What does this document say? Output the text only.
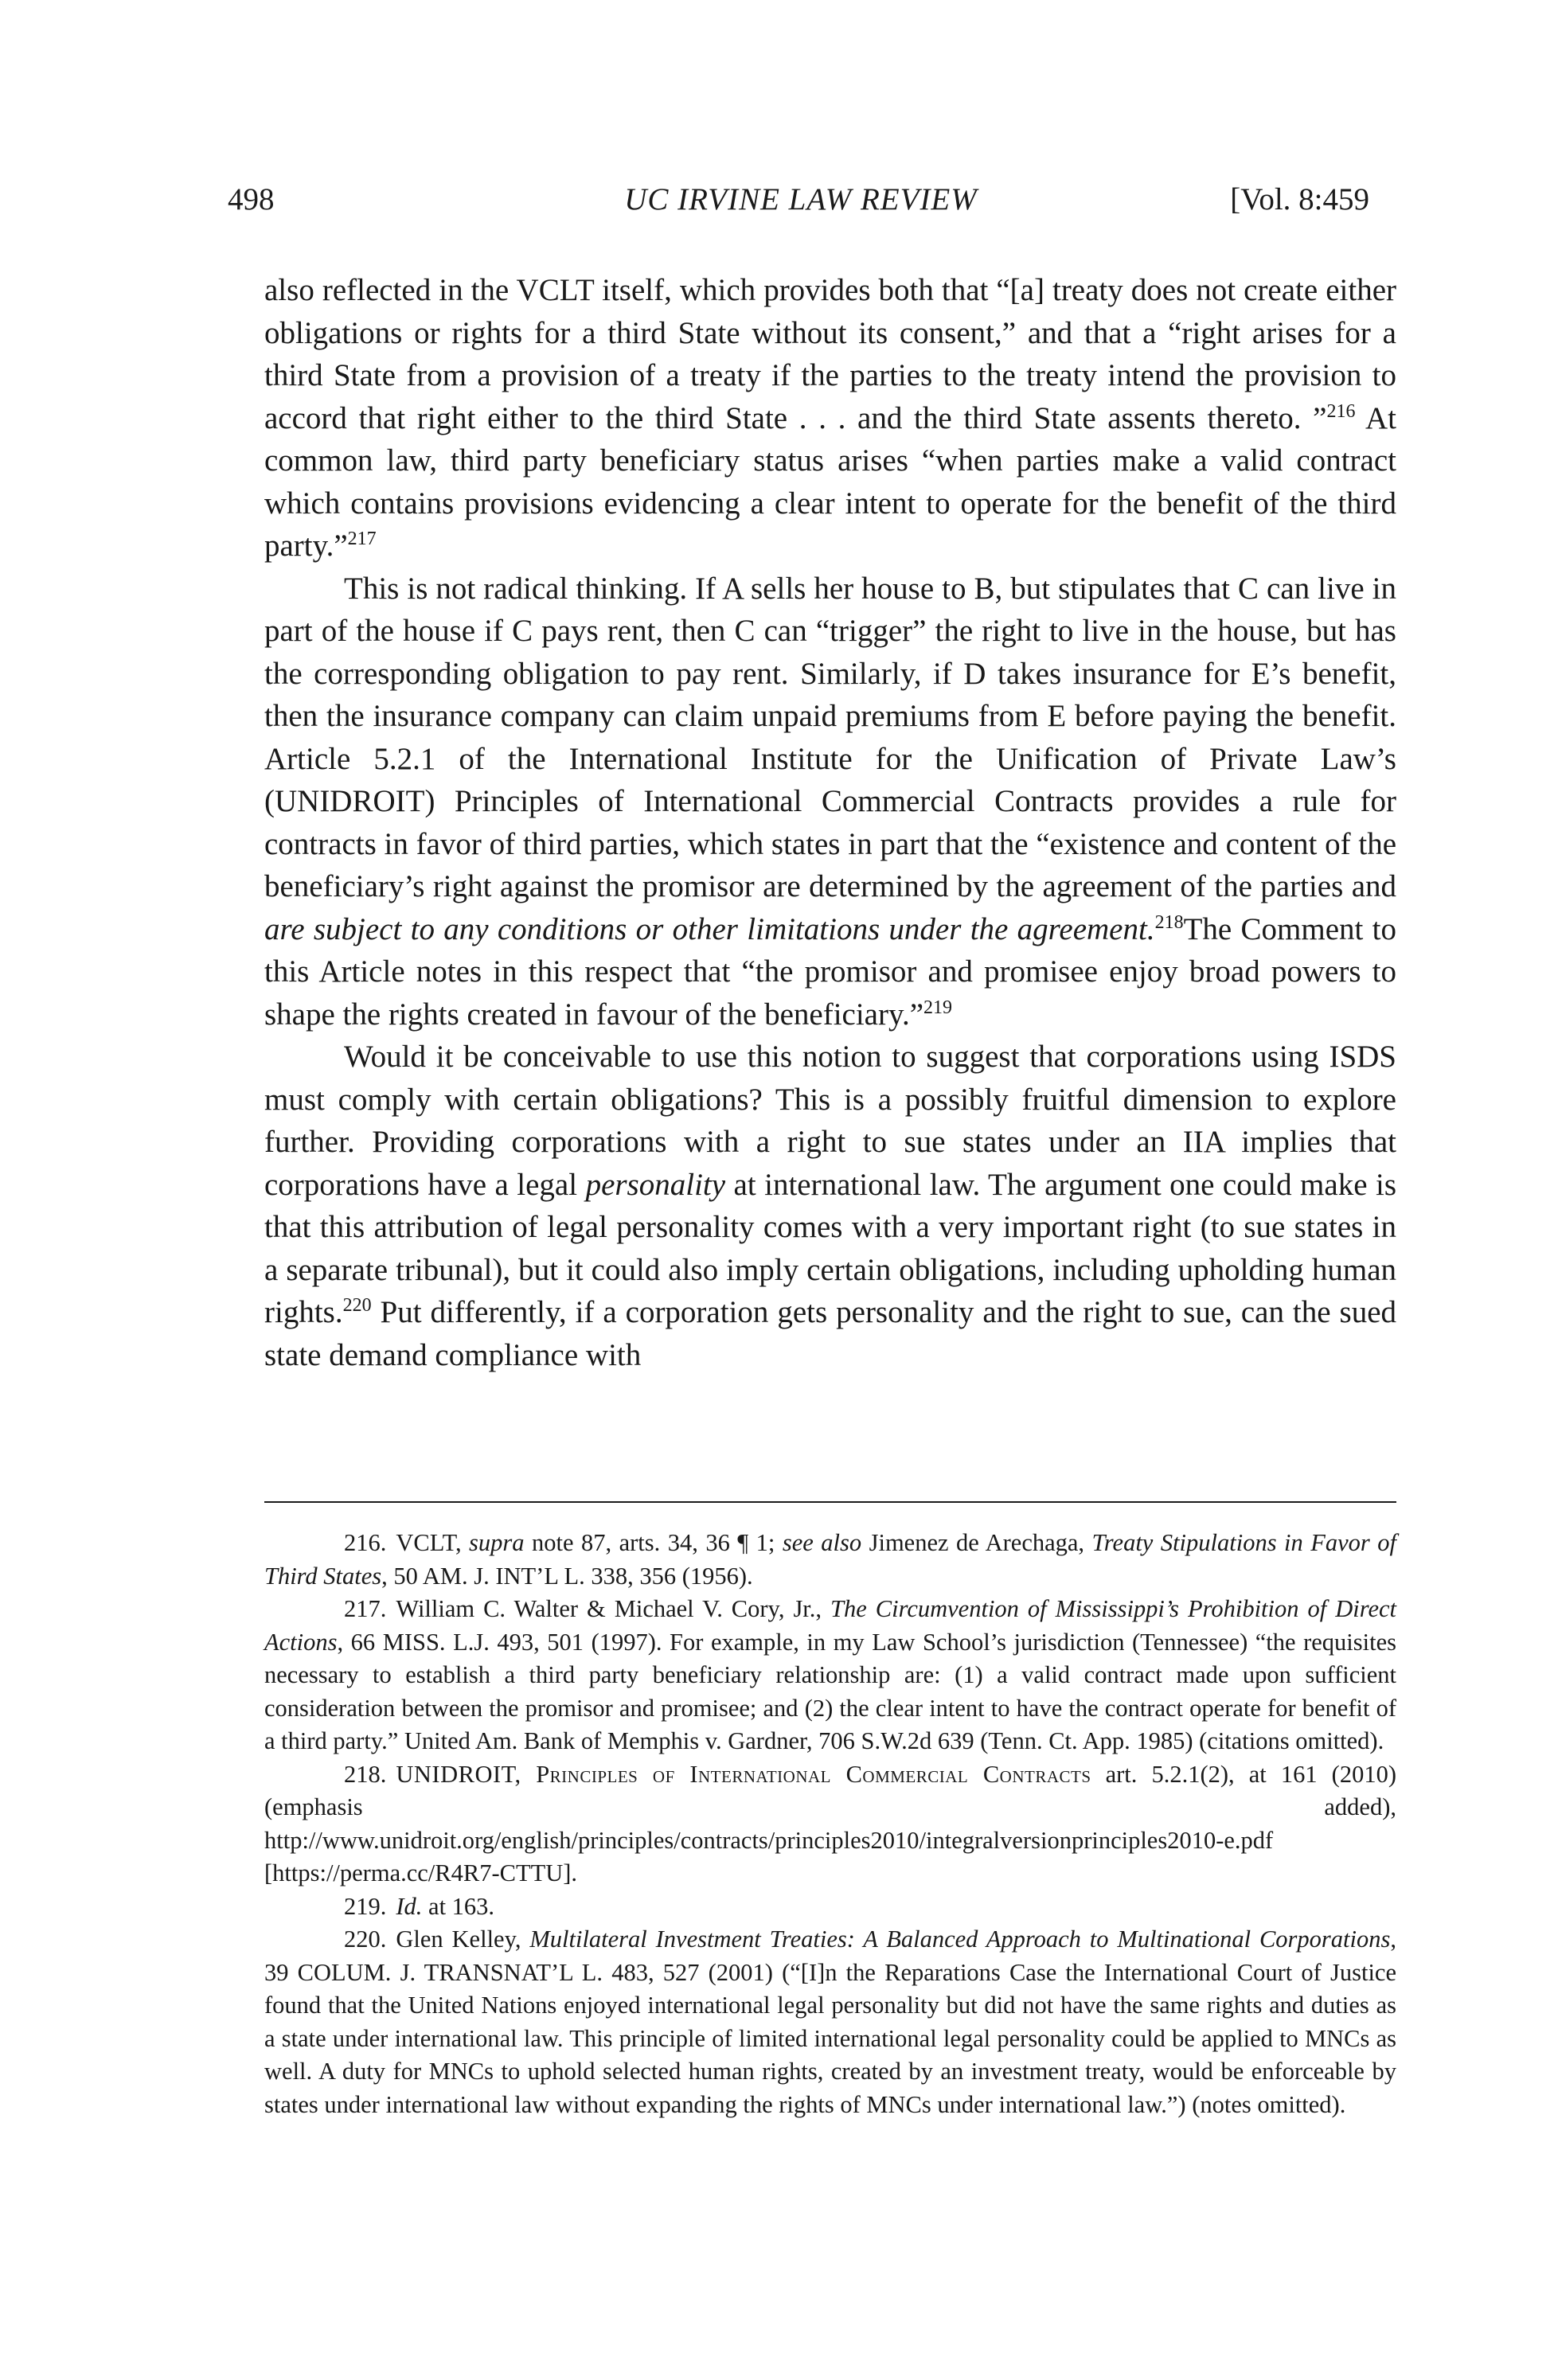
498	UC IRVINE LAW REVIEW	[Vol. 8:459

also reflected in the VCLT itself, which provides both that “[a] treaty does not create either obligations or rights for a third State without its consent,” and that a “right arises for a third State from a provision of a treaty if the parties to the treaty intend the provision to accord that right either to the third State . . . and the third State assents thereto. ”$^{216}$ At common law, third party beneficiary status arises “when parties make a valid contract which contains provisions evidencing a clear intent to operate for the benefit of the third party.”$^{217}$

This is not radical thinking. If A sells her house to B, but stipulates that C can live in part of the house if C pays rent, then C can “trigger” the right to live in the house, but has the corresponding obligation to pay rent. Similarly, if D takes insurance for E’s benefit, then the insurance company can claim unpaid premiums from E before paying the benefit. Article 5.2.1 of the International Institute for the Unification of Private Law’s (UNIDROIT) Principles of International Commercial Contracts provides a rule for contracts in favor of third parties, which states in part that the “existence and content of the beneficiary’s right against the promisor are determined by the agreement of the parties and are subject to any conditions or other limitations under the agreement.$^{218}$The Comment to this Article notes in this respect that “the promisor and promisee enjoy broad powers to shape the rights created in favour of the beneficiary.”$^{219}$

Would it be conceivable to use this notion to suggest that corporations using ISDS must comply with certain obligations? This is a possibly fruitful dimension to explore further. Providing corporations with a right to sue states under an IIA implies that corporations have a legal personality at international law. The argument one could make is that this attribution of legal personality comes with a very important right (to sue states in a separate tribunal), but it could also imply certain obligations, including upholding human rights.$^{220}$ Put differently, if a corporation gets personality and the right to sue, can the sued state demand compliance with

216. VCLT, supra note 87, arts. 34, 36 ¶ 1; see also Jimenez de Arechaga, Treaty Stipulations in Favor of Third States, 50 AM. J. INT’L L. 338, 356 (1956).

217. William C. Walter & Michael V. Cory, Jr., The Circumvention of Mississippi’s Prohibition of Direct Actions, 66 MISS. L.J. 493, 501 (1997). For example, in my Law School’s jurisdiction (Tennessee) “the requisites necessary to establish a third party beneficiary relationship are: (1) a valid contract made upon sufficient consideration between the promisor and promisee; and (2) the clear intent to have the contract operate for benefit of a third party.” United Am. Bank of Memphis v. Gardner, 706 S.W.2d 639 (Tenn. Ct. App. 1985) (citations omitted).

218. UNIDROIT, Principles of International Commercial Contracts art. 5.2.1(2), at 161 (2010) (emphasis added), http://www.unidroit.org/english/principles/contracts/principles2010/integralversionprinciples2010-e.pdf [https://perma.cc/R4R7-CTTU].

219. Id. at 163.

220. Glen Kelley, Multilateral Investment Treaties: A Balanced Approach to Multinational Corporations, 39 COLUM. J. TRANSNAT’L L. 483, 527 (2001) (“[I]n the Reparations Case the International Court of Justice found that the United Nations enjoyed international legal personality but did not have the same rights and duties as a state under international law. This principle of limited international legal personality could be applied to MNCs as well. A duty for MNCs to uphold selected human rights, created by an investment treaty, would be enforceable by states under international law without expanding the rights of MNCs under international law.”) (notes omitted).
